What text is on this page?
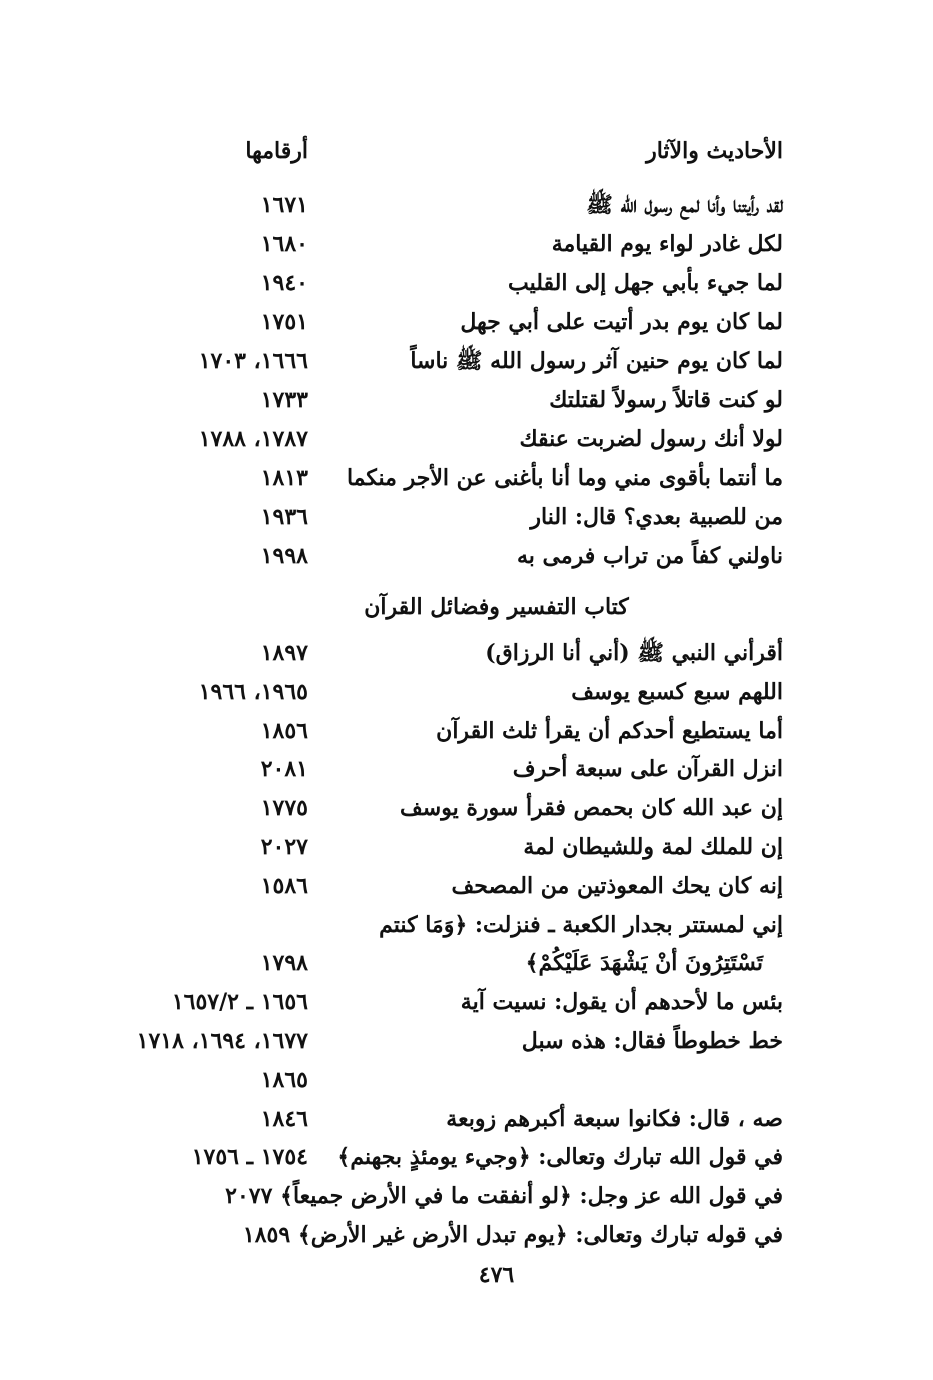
الأحاديث والآثار
أرقامها
لقد رأيتنا وأنا لمع رسول الله ﷺ
١٦٧١
لكل غادر لواء يوم القيامة
١٦٨٠
لما جيء بأبي جهل إلى القليب
١٩٤٠
لما كان يوم بدر أتيت على أبي جهل
١٧٥١
لما كان يوم حنين آثر رسول الله ﷺ ناساً
١٦٦٦، ١٧٠٣
لو كنت قاتلاً رسولاً لقتلتك
١٧٣٣
لولا أنك رسول لضربت عنقك
١٧٨٧، ١٧٨٨
ما أنتما بأقوى مني وما أنا بأغنى عن الأجر منكما
١٨١٣
من للصبية بعدي؟ قال: النار
١٩٣٦
ناولني كفاً من تراب فرمى به
١٩٩٨
كتاب التفسير وفضائل القرآن
أقرأني النبي ﷺ (أني أنا الرزاق)
١٨٩٧
اللهم سبع كسبع يوسف
١٩٦٥، ١٩٦٦
أما يستطيع أحدكم أن يقرأ ثلث القرآن
١٨٥٦
انزل القرآن على سبعة أحرف
٢٠٨١
إن عبد الله كان بحمص فقرأ سورة يوسف
١٧٧٥
إن للملك لمة وللشيطان لمة
٢٠٢٧
إنه كان يحك المعوذتين من المصحف
١٥٨٦
إني لمستتر بجدار الكعبة ـ فنزلت: ﴿وَمَا كنتم
تَسْتَتِرُونَ أنْ يَشْهَدَ عَلَيْكُمْ﴾
١٧٩٨
بئس ما لأحدهم أن يقول: نسيت آية
١٦٥٦ ـ ١٦٥٧/٢
خط خطوطاً فقال: هذه سبل
١٦٧٧، ١٦٩٤، ١٧١٨
١٨٦٥
صه ، قال: فكانوا سبعة أكبرهم زوبعة
١٨٤٦
في قول الله تبارك وتعالى: ﴿وجيء يومئذٍ بجهنم﴾
١٧٥٤ ـ ١٧٥٦
في قول الله عز وجل: ﴿لو أنفقت ما في الأرض جميعاً﴾ ٢٠٧٧
في قوله تبارك وتعالى: ﴿يوم تبدل الأرض غير الأرض﴾ ١٨٥٩
٤٧٦
